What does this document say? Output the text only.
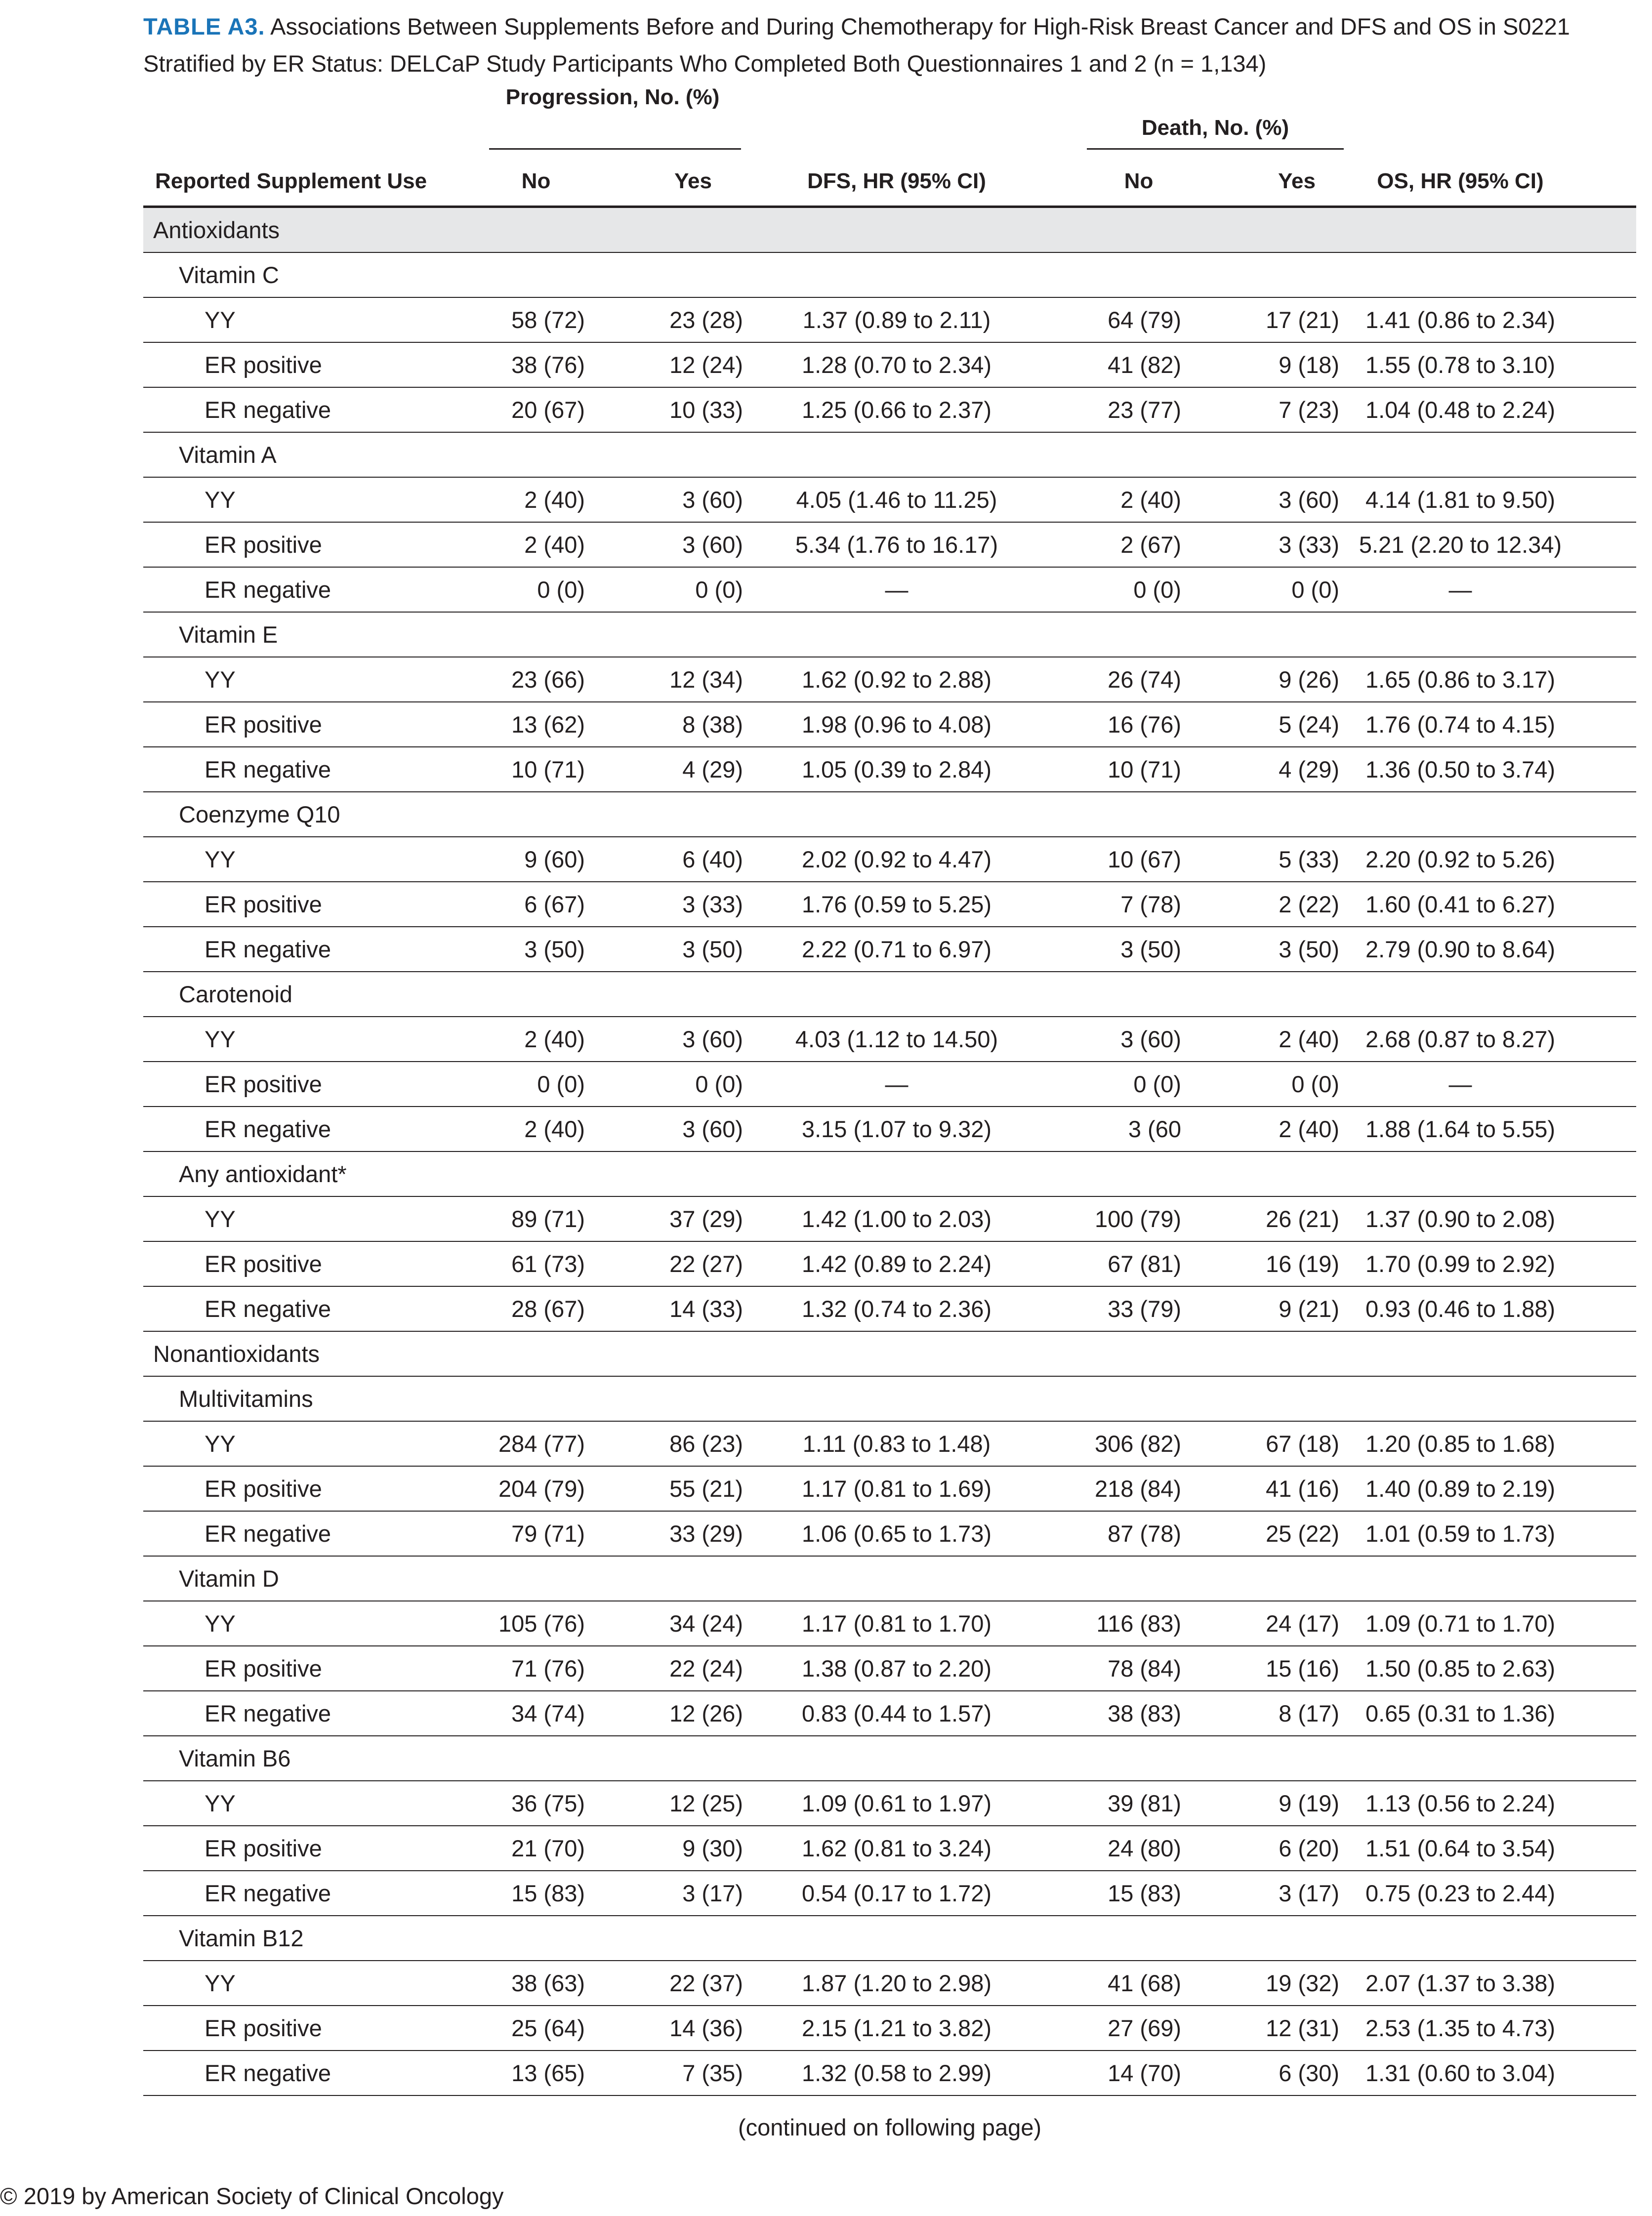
TABLE A3. Associations Between Supplements Before and During Chemotherapy for High-Risk Breast Cancer and DFS and OS in S0221 Stratified by ER Status: DELCaP Study Participants Who Completed Both Questionnaires 1 and 2 (n = 1,134)
Progression, No. (%)
Death, No. (%)
Reported Supplement Use	No	Yes	DFS, HR (95% CI)	No	Yes	OS, HR (95% CI)
Antioxidants
Vitamin C
YY	58 (72)	23 (28)	1.37 (0.89 to 2.11)	64 (79)	17 (21)	1.41 (0.86 to 2.34)
ER positive	38 (76)	12 (24)	1.28 (0.70 to 2.34)	41 (82)	9 (18)	1.55 (0.78 to 3.10)
ER negative	20 (67)	10 (33)	1.25 (0.66 to 2.37)	23 (77)	7 (23)	1.04 (0.48 to 2.24)
Vitamin A
YY	2 (40)	3 (60)	4.05 (1.46 to 11.25)	2 (40)	3 (60)	4.14 (1.81 to 9.50)
ER positive	2 (40)	3 (60)	5.34 (1.76 to 16.17)	2 (67)	3 (33) 5.21 (2.20 to 12.34)
ER negative	0 (0)	0 (0)	—	0 (0)	0 (0)	—
Vitamin E
YY	23 (66)	12 (34)	1.62 (0.92 to 2.88)	26 (74)	9 (26)	1.65 (0.86 to 3.17)
ER positive	13 (62)	8 (38)	1.98 (0.96 to 4.08)	16 (76)	5 (24)	1.76 (0.74 to 4.15)
ER negative	10 (71)	4 (29)	1.05 (0.39 to 2.84)	10 (71)	4 (29)	1.36 (0.50 to 3.74)
Coenzyme Q10
YY	9 (60)	6 (40)	2.02 (0.92 to 4.47)	10 (67)	5 (33)	2.20 (0.92 to 5.26)
ER positive	6 (67)	3 (33)	1.76 (0.59 to 5.25)	7 (78)	2 (22)	1.60 (0.41 to 6.27)
ER negative	3 (50)	3 (50)	2.22 (0.71 to 6.97)	3 (50)	3 (50)	2.79 (0.90 to 8.64)
Carotenoid
YY	2 (40)	3 (60)	4.03 (1.12 to 14.50)	3 (60)	2 (40)	2.68 (0.87 to 8.27)
ER positive	0 (0)	0 (0)	—	0 (0)	0 (0)	—
ER negative	2 (40)	3 (60)	3.15 (1.07 to 9.32)	3 (60	2 (40)	1.88 (1.64 to 5.55)
Any antioxidant*
YY	89 (71)	37 (29)	1.42 (1.00 to 2.03)	100 (79)	26 (21)	1.37 (0.90 to 2.08)
ER positive	61 (73)	22 (27)	1.42 (0.89 to 2.24)	67 (81)	16 (19)	1.70 (0.99 to 2.92)
ER negative	28 (67)	14 (33)	1.32 (0.74 to 2.36)	33 (79)	9 (21)	0.93 (0.46 to 1.88)
Nonantioxidants
Multivitamins
YY	284 (77)	86 (23)	1.11 (0.83 to 1.48)	306 (82)	67 (18)	1.20 (0.85 to 1.68)
ER positive	204 (79)	55 (21)	1.17 (0.81 to 1.69)	218 (84)	41 (16)	1.40 (0.89 to 2.19)
ER negative	79 (71)	33 (29)	1.06 (0.65 to 1.73)	87 (78)	25 (22)	1.01 (0.59 to 1.73)
Vitamin D
YY	105 (76)	34 (24)	1.17 (0.81 to 1.70)	116 (83)	24 (17)	1.09 (0.71 to 1.70)
ER positive	71 (76)	22 (24)	1.38 (0.87 to 2.20)	78 (84)	15 (16)	1.50 (0.85 to 2.63)
ER negative	34 (74)	12 (26)	0.83 (0.44 to 1.57)	38 (83)	8 (17)	0.65 (0.31 to 1.36)
Vitamin B6
YY	36 (75)	12 (25)	1.09 (0.61 to 1.97)	39 (81)	9 (19)	1.13 (0.56 to 2.24)
ER positive	21 (70)	9 (30)	1.62 (0.81 to 3.24)	24 (80)	6 (20)	1.51 (0.64 to 3.54)
ER negative	15 (83)	3 (17)	0.54 (0.17 to 1.72)	15 (83)	3 (17)	0.75 (0.23 to 2.44)
Vitamin B12
YY	38 (63)	22 (37)	1.87 (1.20 to 2.98)	41 (68)	19 (32)	2.07 (1.37 to 3.38)
ER positive	25 (64)	14 (36)	2.15 (1.21 to 3.82)	27 (69)	12 (31)	2.53 (1.35 to 4.73)
ER negative	13 (65)	7 (35)	1.32 (0.58 to 2.99)	14 (70)	6 (30)	1.31 (0.60 to 3.04)
(continued on following page)
© 2019 by American Society of Clinical Oncology
